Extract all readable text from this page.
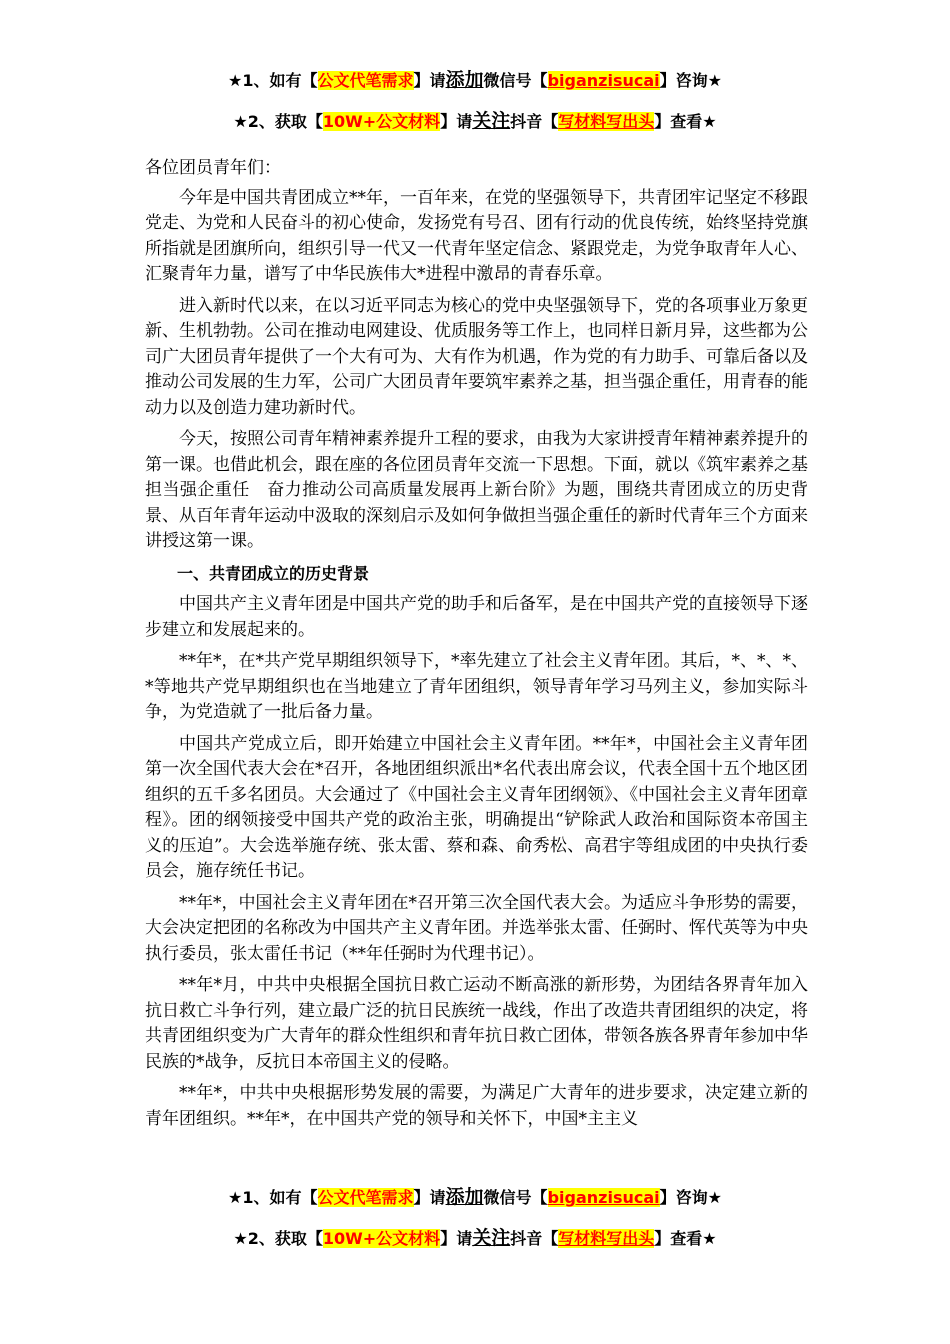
★1、如有【公文代笔需求】请添加微信号【biganzisucai】咨询★
★2、获取【10W+公文材料】请关注抖音【写材料写出头】查看★

各位团员青年们：

今年是中国共青团成立**年，一百年来，在党的坚强领导下，共青团牢记坚定不移跟党走、为党和人民奋斗的初心使命，发扬党有号召、团有行动的优良传统，始终坚持党旗所指就是团旗所向，组织引导一代又一代青年坚定信念、紧跟党走，为党争取青年人心、汇聚青年力量，谱写了中华民族伟大*进程中激昂的青春乐章。

进入新时代以来，在以习近平同志为核心的党中央坚强领导下，党的各项事业万象更新、生机勃勃。公司在推动电网建设、优质服务等工作上，也同样日新月异，这些都为公司广大团员青年提供了一个大有可为、大有作为机遇，作为党的有力助手、可靠后备以及推动公司发展的生力军，公司广大团员青年要筑牢素养之基，担当强企重任，用青春的能动力以及创造力建功新时代。

今天，按照公司青年精神素养提升工程的要求，由我为大家讲授青年精神素养提升的第一课。也借此机会，跟在座的各位团员青年交流一下思想。下面，就以《筑牢素养之基　担当强企重任　奋力推动公司高质量发展再上新台阶》为题，围绕共青团成立的历史背景、从百年青年运动中汲取的深刻启示及如何争做担当强企重任的新时代青年三个方面来讲授这第一课。

一、共青团成立的历史背景

中国共产主义青年团是中国共产党的助手和后备军，是在中国共产党的直接领导下逐步建立和发展起来的。

**年*，在*共产党早期组织领导下，*率先建立了社会主义青年团。其后，*、*、*、*等地共产党早期组织也在当地建立了青年团组织，领导青年学习马列主义，参加实际斗争，为党造就了一批后备力量。

中国共产党成立后，即开始建立中国社会主义青年团。**年*，中国社会主义青年团第一次全国代表大会在*召开，各地团组织派出*名代表出席会议，代表全国十五个地区团组织的五千多名团员。大会通过了《中国社会主义青年团纲领》、《中国社会主义青年团章程》。团的纲领接受中国共产党的政治主张，明确提出“铲除武人政治和国际资本帝国主义的压迫”。大会选举施存统、张太雷、蔡和森、俞秀松、高君宇等组成团的中央执行委员会，施存统任书记。

**年*，中国社会主义青年团在*召开第三次全国代表大会。为适应斗争形势的需要，大会决定把团的名称改为中国共产主义青年团。并选举张太雷、任弼时、恽代英等为中央执行委员，张太雷任书记（**年任弼时为代理书记）。

**年*月，中共中央根据全国抗日救亡运动不断高涨的新形势，为团结各界青年加入抗日救亡斗争行列，建立最广泛的抗日民族统一战线，作出了改造共青团组织的决定，将共青团组织变为广大青年的群众性组织和青年抗日救亡团体，带领各族各界青年参加中华民族的*战争，反抗日本帝国主义的侵略。

**年*，中共中央根据形势发展的需要，为满足广大青年的进步要求，决定建立新的青年团组织。**年*，在中国共产党的领导和关怀下，中国*主主义

★1、如有【公文代笔需求】请添加微信号【biganzisucai】咨询★
★2、获取【10W+公文材料】请关注抖音【写材料写出头】查看★
